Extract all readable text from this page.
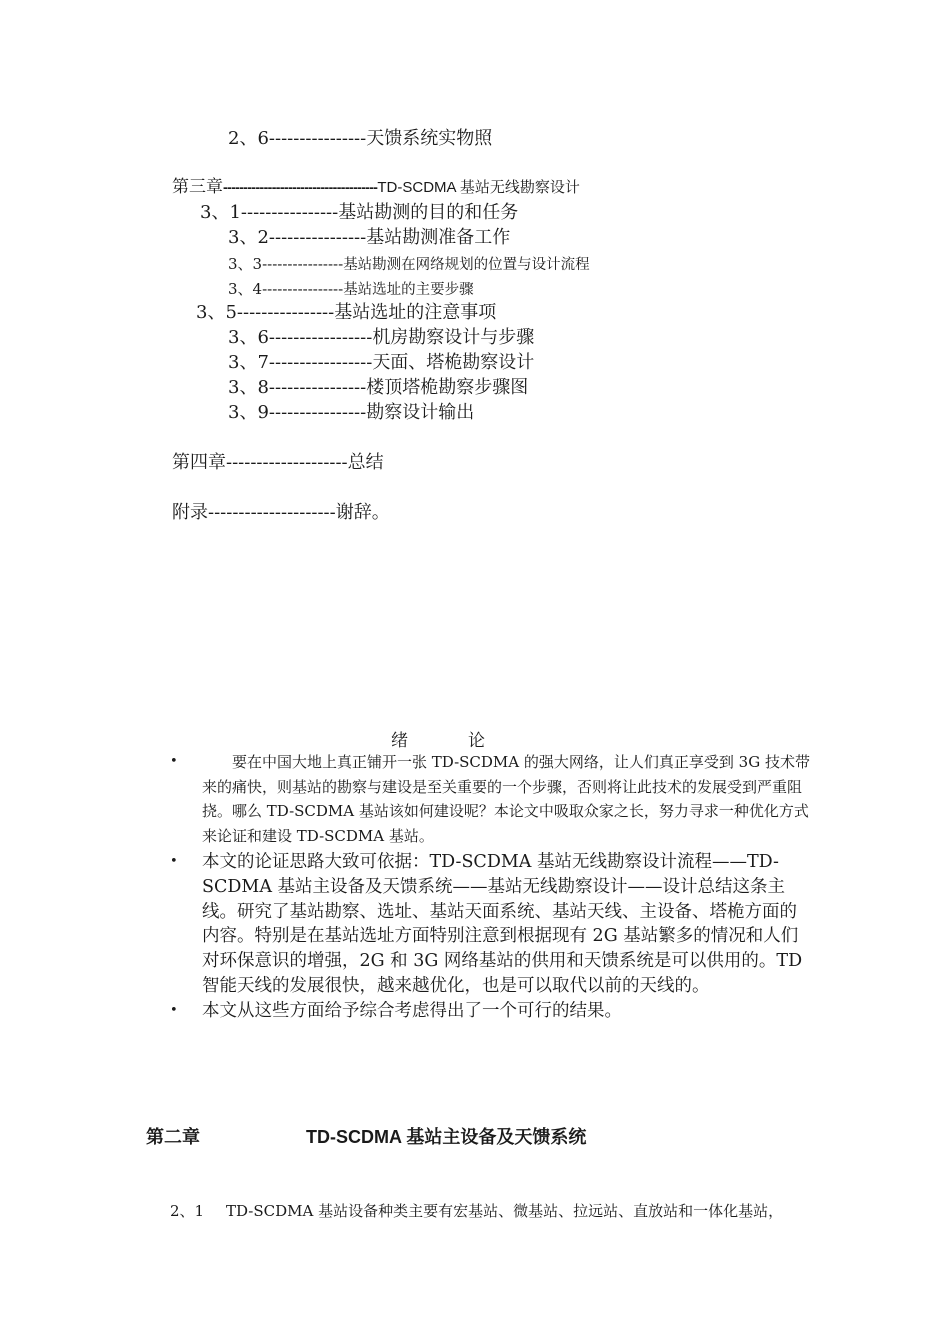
2、6----------------天馈系统实物照
第三章--------------------------------------TD-SCDMA 基站无线勘察设计
3、1----------------基站勘测的目的和任务
3、2----------------基站勘测准备工作
3、3----------------基站勘测在网络规划的位置与设计流程
3、4----------------基站选址的主要步骤
3、5----------------基站选址的注意事项
3、6-----------------机房勘察设计与步骤
3、7-----------------天面、塔桅勘察设计
3、8----------------楼顶塔桅勘察步骤图
3、9----------------勘察设计输出
第四章--------------------总结
附录---------------------谢辞。
绪论
•	要在中国大地上真正铺开一张 TD-SCDMA 的强大网络，让人们真正享受到 3G 技术带来的痛快，则基站的勘察与建设是至关重要的一个步骤，否则将让此技术的发展受到严重阻挠。哪么 TD-SCDMA 基站该如何建设呢？本论文中吸取众家之长，努力寻求一种优化方式来论证和建设 TD-SCDMA 基站。
• 本文的论证思路大致可依据：TD-SCDMA 基站无线勘察设计流程——TD-SCDMA 基站主设备及天馈系统——基站无线勘察设计——设计总结这条主线。研究了基站勘察、选址、基站天面系统、基站天线、主设备、塔桅方面的内容。特别是在基站选址方面特别注意到根据现有 2G 基站繁多的情况和人们对环保意识的增强，2G 和 3G 网络基站的供用和天馈系统是可以供用的。TD 智能天线的发展很快，越来越优化，也是可以取代以前的天线的。
• 本文从这些方面给予综合考虑得出了一个可行的结果。
第二章	TD-SCDMA 基站主设备及天馈系统
2、1 TD-SCDMA 基站设备种类主要有宏基站、微基站、拉远站、直放站和一体化基站，
